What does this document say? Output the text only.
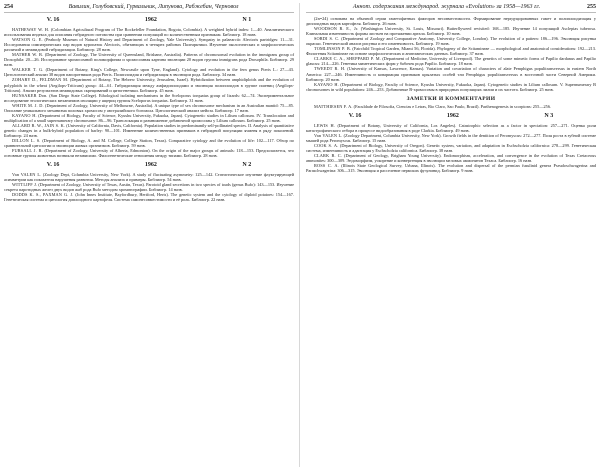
254	Вавилин, Голубовский, Гурвальник, Липунова, Рабжебан, Черновол
V. 16	1962	N 1

HATHEWAY W. H. (Colombian Agricultural Program of The Rockefeller Foundation, Bogota, Colombia). A weighted hybrid index: 1—40. Аналитического использования индекса для описания гибридного потомства при сравнении популяций по количественным признакам. Библиогр. 18 назв.

WATSON G. E. (Peabody Museum of Natural History and Department of Zoology, Yale University). Sympatry in palaearctic Alectoris partridges: 11—31. Исследования симпатрических пар видов куропаток Alectoris, обитающих в четырех районах Палеарктики. Изучение экологических и морфологических различий и межвидовой гибридизации. Библиогр. 28 назв.

MATHER W. B. (Department of Zoology, The University of Queensland, Brisbane, Australia). Patterns of chromosomal evolution in the immigrans group of Drosophila: 20—26. Исследование хромосомной полиморфизма и хромосомная картина эволюции 20 видов группы immigrans рода Drosophila. Библиогр. 29 назв.

WALKER T. G. (Department of Botany, King's College, Newcastle upon Tyne, England). Cytology and evolution in the fern genus Pteris L.: 27—43. Цитологический анализ 38 видов папоротников рода Pteris. Полиплоидия и гибридизация в эволюции рода. Библиогр. 34 назв.

ZOHARY D., FELDMAN M. (Department of Botany, The Hebrew University, Jerusalem, Israel). Hybridization between amphidiploids and the evolution of polyploids in the wheat (Aegilops-Triticum) group: 44—61. Гибридизация между амфидиплоидами и эволюция полиплоидов в группе пшениц (Aegilops-Triticum). Анализ результатов межвидовых скрещиваний и цитогенетики. Библиогр. 45 назв.

HUNSAKER Don. (San Diego State College). Ethological isolating mechanisms in the Sceloporus torquatus group of lizards: 62—74. Экспериментальное исследование этологических механизмов изоляции у ящериц группы Sceloporus torquatus. Библиогр. 31 назв.

WHITE M. J. D. (Department of Zoology, University of Melbourne, Australia). A unique type of sex chromosome mechanism in an Australian mantid: 75—85. Описание уникального механизма половых хромосом у австралийского богомола. Цитологический анализ мейоза. Библиогр. 17 назв.

KAYANO H. (Department of Biology, Faculty of Science, Kyushu University, Fukuoka, Japan). Cytogenetic studies in Lilium callosum. IV. Translocation and multiplication of a small supernumerary chromosome: 86—96. Транслокация и размножение добавочной хромосомы у Lilium callosum. Библиогр. 25 назв.

ALLARD R. W., JAIN S. K. (University of California, Davis, California). Population studies in predominantly self-pollinated species. II. Analysis of quantitative genetic changes in a bulk-hybrid population of barley: 90—101. Изменение количественных признаков в гибридной популяции ячменя в ряду поколений. Библиогр. 24 назв.

DILLON L. S. (Department of Biology, A. and M. College, College Station, Texas). Comparative cytology and the evolution of life: 102—117. Обзор по сравнительной цитологии и эволюции живых организмов. Библиогр. 59 назв.

FURSALL J. R. (Department of Zoology, University of Alberta, Edmonton). On the origin of the major groups of animals: 118—153. Предполагается, что основные группы животных возникли независимо. Филогенетические отношения между типами. Библиогр. 28 назв.

V. 16	1962	N 2

Van VALEN L. (Zoology Dept, Columbia University, New York). A study of fluctuating asymmetry: 125—142. Статистическое изучение флуктуирующей асимметрии как показателя нарушения развития. Методы анализа и примеры. Библиогр. 54 назв.

WITTLIFF J. (Department of Zoology, University of Texas, Austin, Texas). Parotoid gland secretions in two species of toads (genus Bufo): 143—153. Изучение секрета паротидных желез двух видов жаб рода Bufo методом хроматографии. Библиогр. 14 назв.

DODDS K. S., PAXMAN G. J. (John Innes Institute, Bayfordbury, Hertford, Herts). The genetic system and the cytology of diploid potatoes: 154—167. Генетическая система и цитология диплоидного картофеля. Система самонесовместимости и её роль. Библиогр. 22 назв.

Аннот. содержания международ. журнала «Evolution» за 1958—1963 гг.	255

(2n=24) основана на обычной серии гаметофитных факторов несовместимости. Формирование нередуцированных гамет и полиплоидизация у диплоидных видов картофеля. Библиогр. 26 назв.

WOODSON R. E., Jr. (Washington University, St. Louis, Missouri). Butterflyweed revisited: 168—185. Изучение 14 популяций Asclepias tuberosa. Клинальная изменчивость формы листьев на протяжении ареала. Библиогр. 10 назв.

SORDI S. C. (Department of Zoology and Comparative Anatomy, University College, London). The evolution of a pattern: 186—196. Эволюция рисунка окраски. Генетический анализ рисунка и его изменчивость. Библиогр. 19 назв.

TOMLINSON P. B. (Fairchild Tropical Garden, Miami 56, Florida). Phylogeny of the Scitamineae — morphological and anatomical considerations: 192—213. Филогения Scitamineae на основе морфологических и анатомических данных. Библиогр. 37 назв.

CLARKE C. A., SHEPPARD P. M. (Department of Medicine, University of Liverpool). The genetics of some mimetic forms of Papilio dardanus and Papilio glaucus: 214—226. Генетика миметических форм у бабочек рода Papilio. Библиогр. 18 назв.

TWEEDT R. H. (University of Kansas, Lawrence, Kansas). Variation and covariation of characters of alate Pemphigus populitransversus in eastern North America: 227—246. Изменчивость и ковариация признаков крылатых особей тли Pemphigus populitransversus в восточной части Северной Америки. Библиогр. 20 назв.

KAYANO H. (Department of Biology, Faculty of Science, Kyushu University, Fukuoka, Japan). Cytogenetic studies in Lilium callosum. V. Supernumerary B chromosomes in wild populations: 246—253. Добавочные B-хромосомы в природных популяциях лилии и их частота. Библиогр. 25 назв.

ЗАМЕТКИ И КОММЕНТАРИИ

MATTHIESEN F. A. (Faculdade de Filosofia, Ciencias e Letras, Rio Claro, Sao Paulo, Brazil). Parthenogenesis in scorpions: 255—256.

V. 16	1962	N 3

LEWIS H. (Department of Botany, University of California, Los Angeles). Catastrophic selection as a factor in speciation: 257—271. Оценка роли катастрофического отбора в процессе видообразования в роде Clarkia. Библиогр. 49 назв.

Van VALEN L. (Zoology Department, Columbia University, New York). Growth fields in the dentition of Peromyscus: 272—277. Поля роста в зубной системе мышей рода Peromyscus. Библиогр. 15 назв.

COOK S. A. (Department of Biology, University of Oregon). Genetic system, variation, and adaptation in Eschscholzia californica: 278—299. Генетическая система, изменчивость и адаптация у Eschscholzia californica. Библиогр. 38 назв.

CLARK B. C. (Department of Geology, Brigham Young University). Endomorphism, acceleration, and convergence in the evolution of Texas Cretaceous ammonites: 300—309. Эндоморфизм, ускорение и конвергенция в эволюции меловых аммонитов Техаса. Библиогр. 16 назв.

ROSS C. A. (Illinois State Geological Survey, Urbana, Illinois). The evolution and dispersal of the permian fusulinid genera Pseudoschwagerina and Paraschwagerina: 306—315. Эволюция и расселение пермских фузулинид. Библиогр. 9 назв.
